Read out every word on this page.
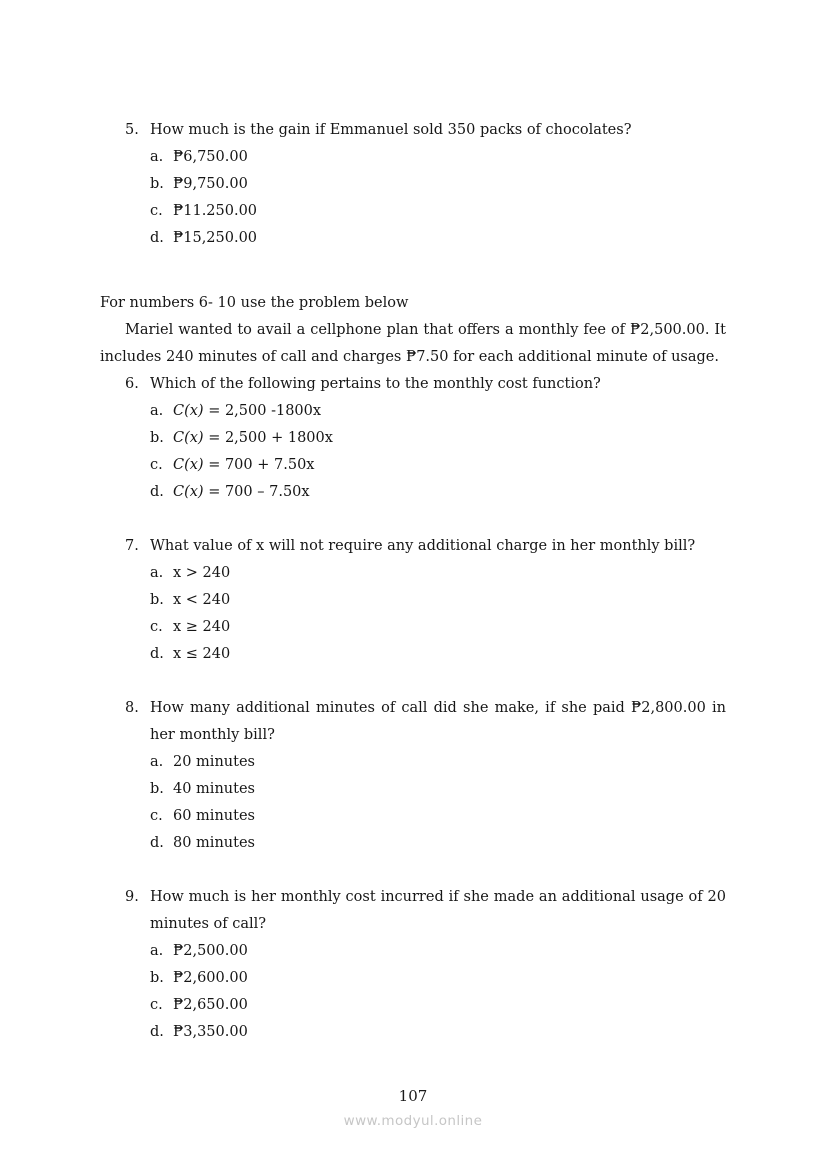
5. How much is the gain if Emmanuel sold 350 packs of chocolates?
a. ₱6,750.00
b. ₱9,750.00
c. ₱11.250.00
d. ₱15,250.00
For numbers 6- 10 use the problem below
Mariel wanted to avail a cellphone plan that offers a monthly fee of ₱2,500.00. It includes 240 minutes of call and charges ₱7.50 for each additional minute of usage.
6. Which of the following pertains to the monthly cost function?
a. C(x) = 2,500 -1800x
b. C(x) = 2,500 + 1800x
c. C(x) = 700 + 7.50x
d. C(x) = 700 – 7.50x
7. What value of x will not require any additional charge in her monthly bill?
a. x > 240
b. x < 240
c. x ≥ 240
d. x ≤ 240
8. How many additional minutes of call did she make, if she paid ₱2,800.00 in her monthly bill?
a. 20 minutes
b. 40 minutes
c. 60 minutes
d. 80 minutes
9. How much is her monthly cost incurred if she made an additional usage of 20 minutes of call?
a. ₱2,500.00
b. ₱2,600.00
c. ₱2,650.00
d. ₱3,350.00
107
www.modyul.online
